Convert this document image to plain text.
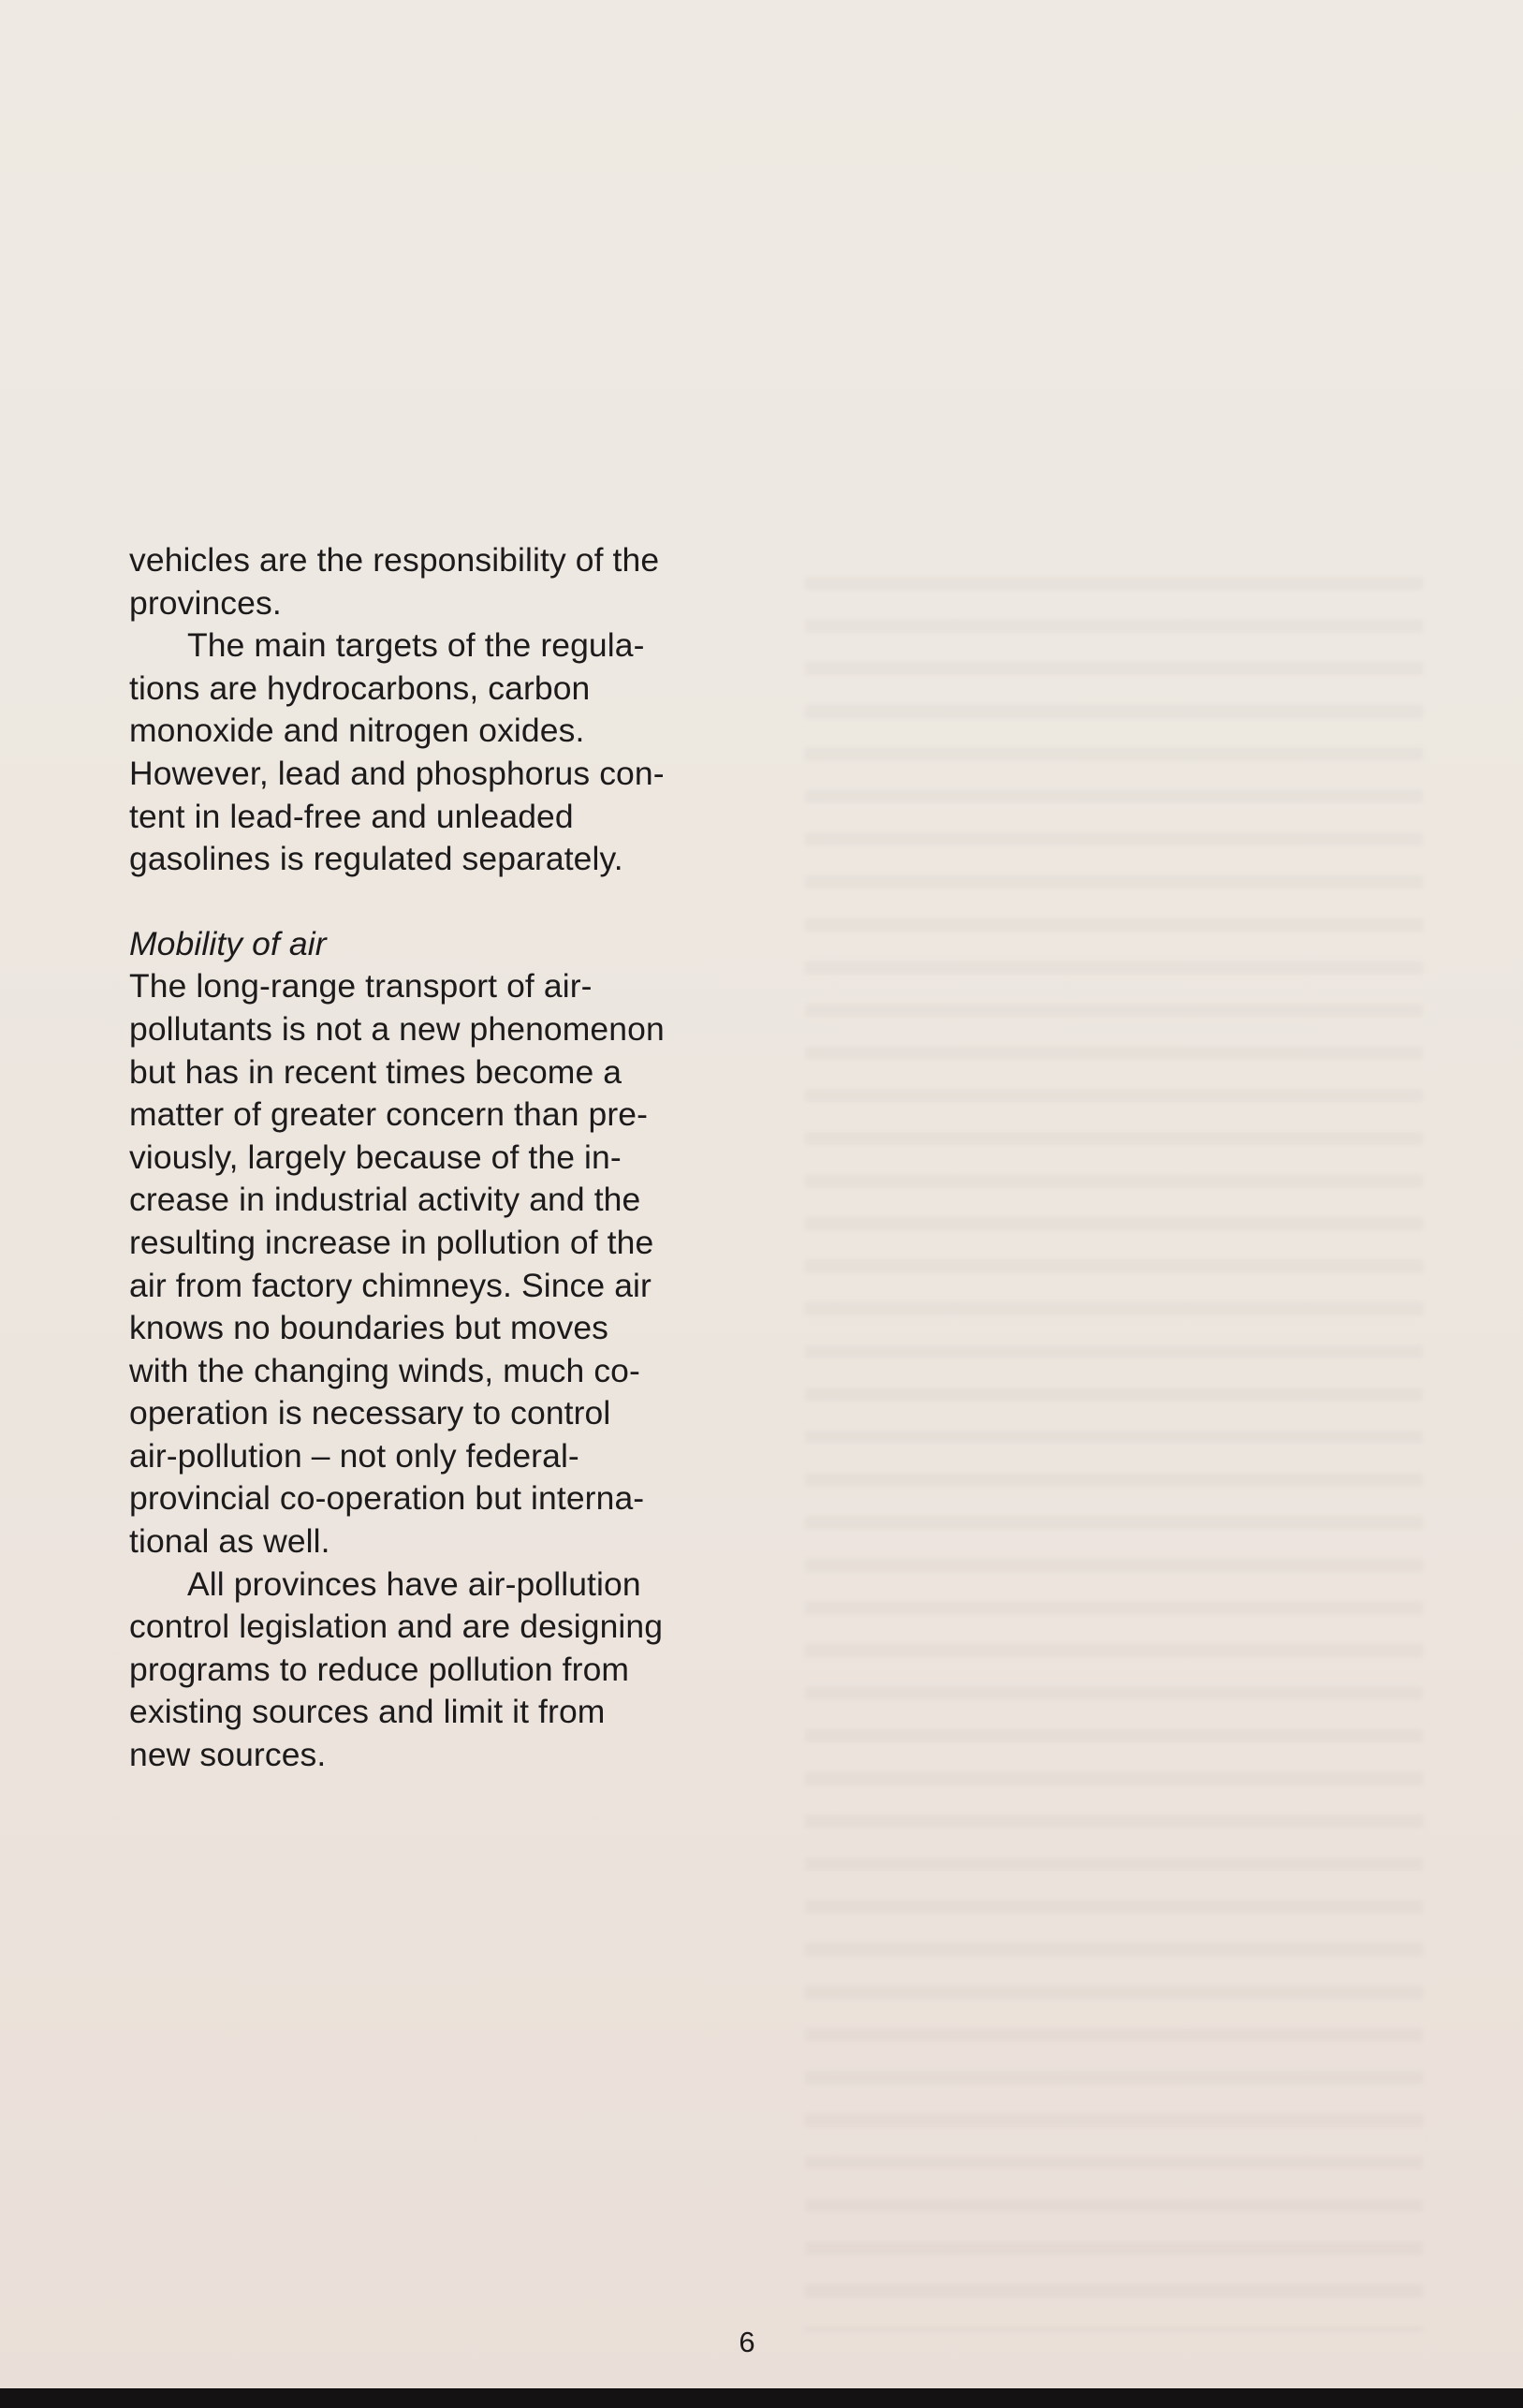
vehicles are the responsibility of the
provinces.

The main targets of the regula-
tions are hydrocarbons, carbon
monoxide and nitrogen oxides.
However, lead and phosphorus con-
tent in lead-free and unleaded
gasolines is regulated separately.

Mobility of air

The long-range transport of air-
pollutants is not a new phenomenon
but has in recent times become a
matter of greater concern than pre-
viously, largely because of the in-
crease in industrial activity and the
resulting increase in pollution of the
air from factory chimneys. Since air
knows no boundaries but moves
with the changing winds, much co-
operation is necessary to control
air-pollution – not only federal-
provincial co-operation but interna-
tional as well.

All provinces have air-pollution
control legislation and are designing
programs to reduce pollution from
existing sources and limit it from
new sources.

6
